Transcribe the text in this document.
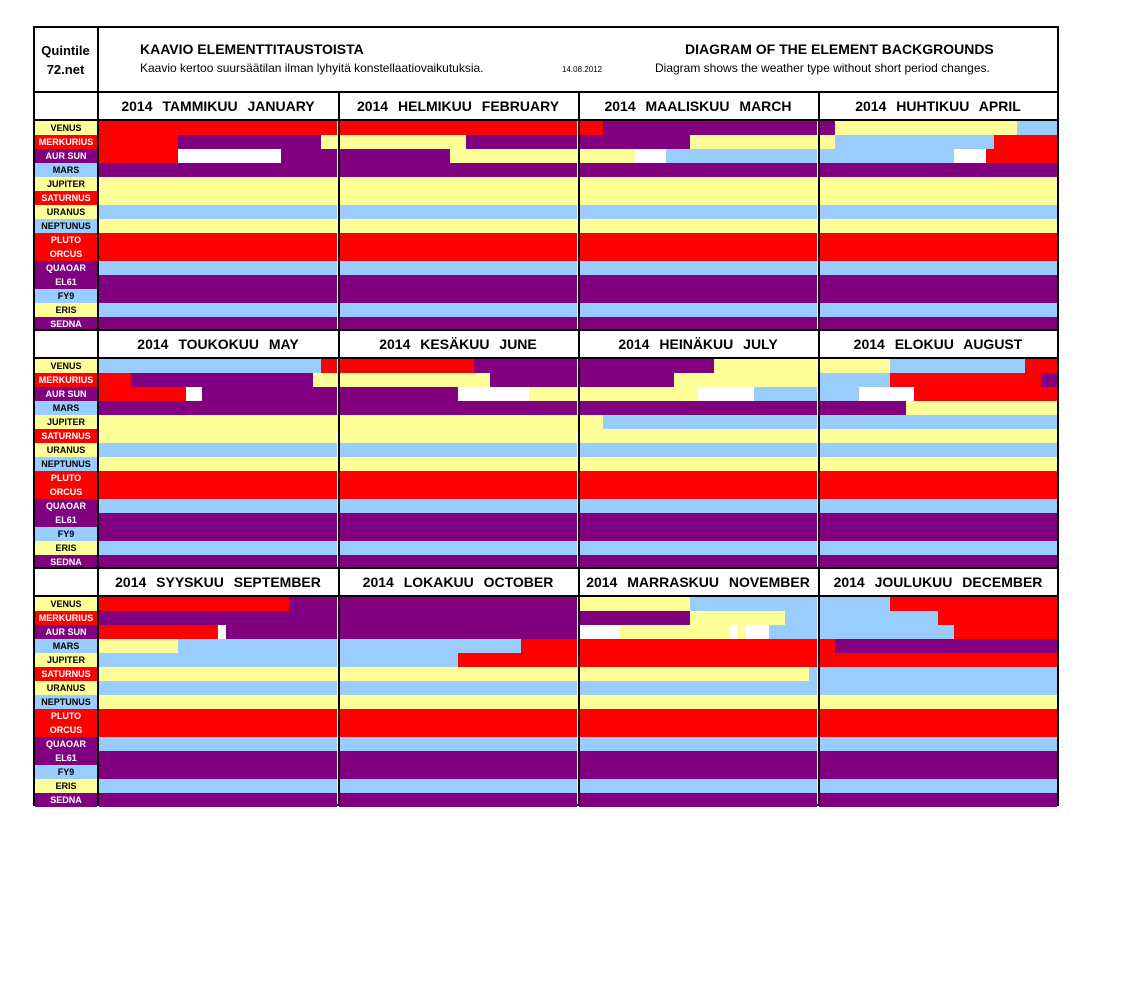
Quintile
72.net
KAAVIO ELEMENTTITAUSTOISTA
Kaavio kertoo suursäätilan ilman lyhyitä konstellaatiovaikutuksia.	14.08.2012
DIAGRAM OF THE ELEMENT BACKGROUNDS
Diagram shows the weather type without short period changes.
2014 TAMMIKUU JANUARY	2014 HELMIKUU FEBRUARY	2014 MAALISKUU MARCH	2014 HUHTIKUU APRIL
2014 TOUKOKUU MAY	2014 KESÄKUU JUNE	2014 HEINÄKUU JULY	2014 ELOKUU AUGUST
2014 SYYSKUU SEPTEMBER	2014 LOKAKUU OCTOBER	2014 MARRASKUU NOVEMBER	2014 JOULUKUU DECEMBER
VENUS
MERKURIUS
AUR SUN
MARS
JUPITER
SATURNUS
URANUS
NEPTUNUS
PLUTO
ORCUS
QUAOAR
EL61
FY9
ERIS
SEDNA
VENUS
MERKURIUS
AUR SUN
MARS
JUPITER
SATURNUS
URANUS
NEPTUNUS
PLUTO
ORCUS
QUAOAR
EL61
FY9
ERIS
SEDNA
VENUS
MERKURIUS
AUR SUN
MARS
JUPITER
SATURNUS
URANUS
NEPTUNUS
PLUTO
ORCUS
QUAOAR
EL61
FY9
ERIS
SEDNA
